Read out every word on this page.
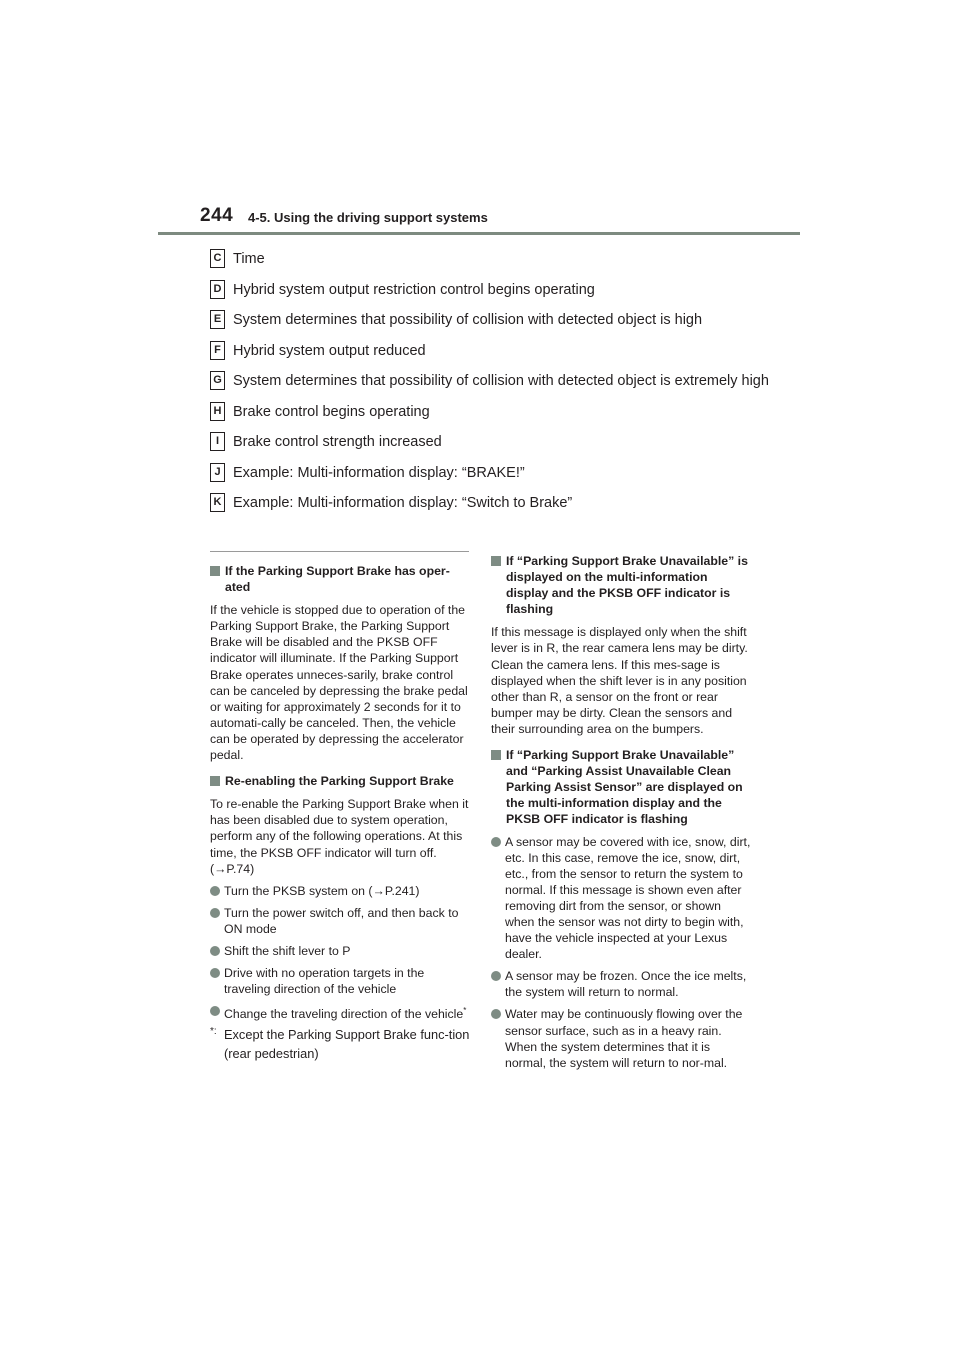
244 4-5. Using the driving support systems
C Time
D Hybrid system output restriction control begins operating
E System determines that possibility of collision with detected object is high
F Hybrid system output reduced
G System determines that possibility of collision with detected object is extremely high
H Brake control begins operating
I Brake control strength increased
J Example: Multi-information display: “BRAKE!”
K Example: Multi-information display: “Switch to Brake”
If the Parking Support Brake has oper-ated
If the vehicle is stopped due to operation of the Parking Support Brake, the Parking Support Brake will be disabled and the PKSB OFF indicator will illuminate. If the Parking Support Brake operates unneces-sarily, brake control can be canceled by depressing the brake pedal or waiting for approximately 2 seconds for it to automati-cally be canceled. Then, the vehicle can be operated by depressing the accelerator pedal.
Re-enabling the Parking Support Brake
To re-enable the Parking Support Brake when it has been disabled due to system operation, perform any of the following operations. At this time, the PKSB OFF indicator will turn off. (→P.74)
Turn the PKSB system on (→P.241)
Turn the power switch off, and then back to ON mode
Shift the shift lever to P
Drive with no operation targets in the traveling direction of the vehicle
Change the traveling direction of the vehicle*
*: Except the Parking Support Brake func-tion (rear pedestrian)
If “Parking Support Brake Unavailable” is displayed on the multi-information display and the PKSB OFF indicator is flashing
If this message is displayed only when the shift lever is in R, the rear camera lens may be dirty. Clean the camera lens. If this mes-sage is displayed when the shift lever is in any position other than R, a sensor on the front or rear bumper may be dirty. Clean the sensors and their surrounding area on the bumpers.
If “Parking Support Brake Unavailable” and “Parking Assist Unavailable Clean Parking Assist Sensor” are displayed on the multi-information display and the PKSB OFF indicator is flashing
A sensor may be covered with ice, snow, dirt, etc. In this case, remove the ice, snow, dirt, etc., from the sensor to return the system to normal. If this message is shown even after removing dirt from the sensor, or shown when the sensor was not dirty to begin with, have the vehicle inspected at your Lexus dealer.
A sensor may be frozen. Once the ice melts, the system will return to normal.
Water may be continuously flowing over the sensor surface, such as in a heavy rain. When the system determines that it is normal, the system will return to nor-mal.
